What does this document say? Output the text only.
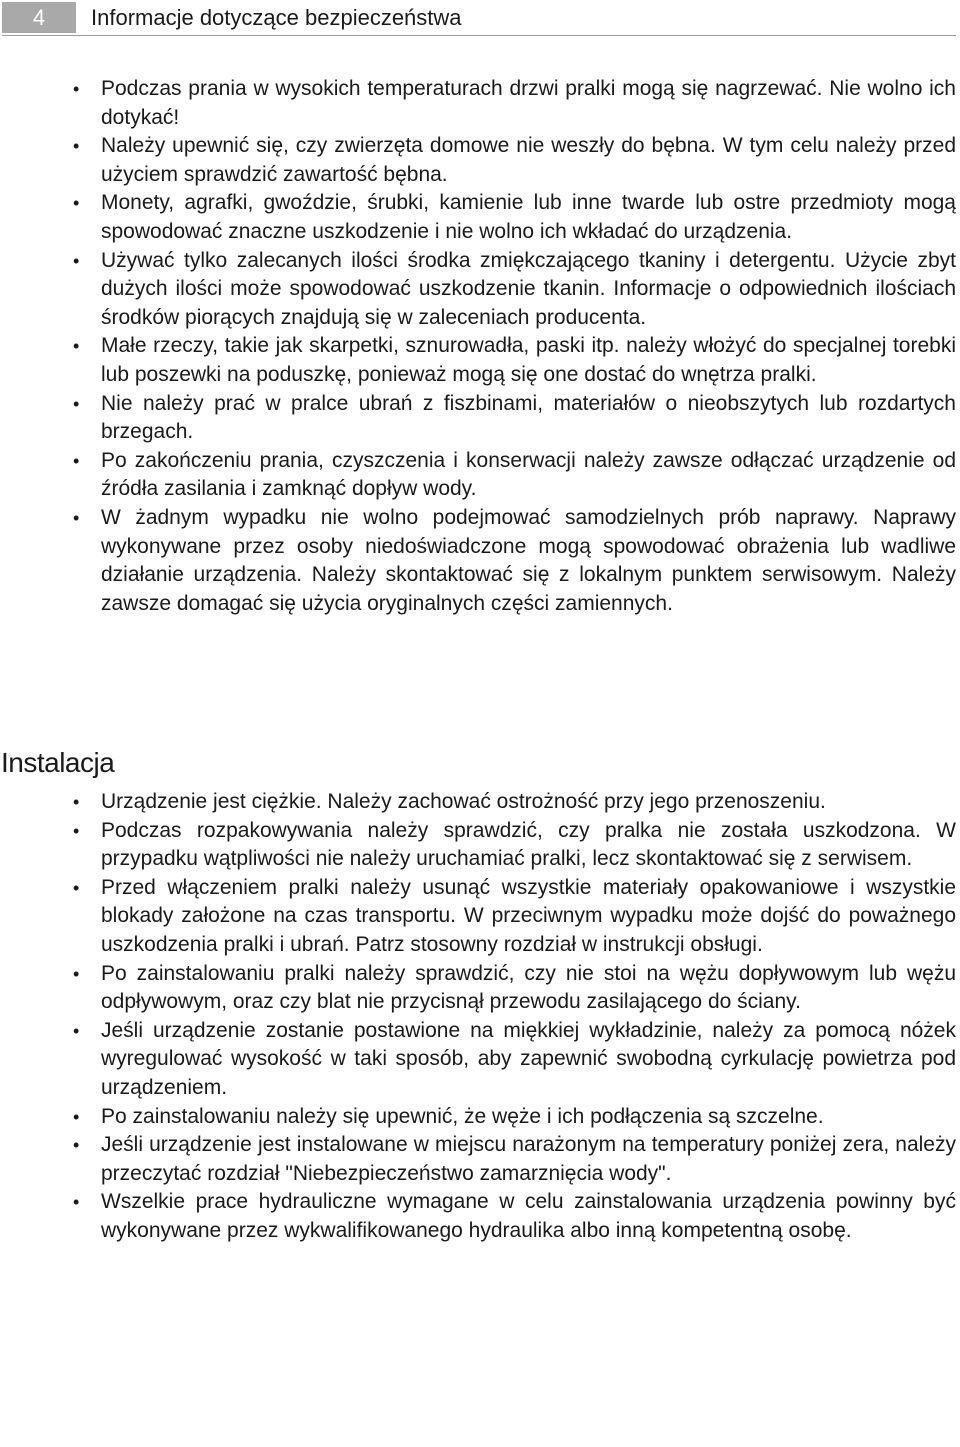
4	Informacje dotyczące bezpieczeństwa
• Podczas prania w wysokich temperaturach drzwi pralki mogą się nagrzewać. Nie wolno ich dotykać!
• Należy upewnić się, czy zwierzęta domowe nie weszły do bębna. W tym celu należy przed użyciem sprawdzić zawartość bębna.
• Monety, agrafki, gwoździe, śrubki, kamienie lub inne twarde lub ostre przedmioty mogą spowodować znaczne uszkodzenie i nie wolno ich wkładać do urządzenia.
• Używać tylko zalecanych ilości środka zmiękczającego tkaniny i detergentu. Użycie zbyt dużych ilości może spowodować uszkodzenie tkanin. Informacje o odpowiednich ilościach środków piorących znajdują się w zaleceniach producenta.
• Małe rzeczy, takie jak skarpetki, sznurowadła, paski itp. należy włożyć do specjalnej torebki lub poszewki na poduszkę, ponieważ mogą się one dostać do wnętrza pralki.
• Nie należy prać w pralce ubrań z fiszbinami, materiałów o nieobszytych lub rozdartych brzegach.
• Po zakończeniu prania, czyszczenia i konserwacji należy zawsze odłączać urządzenie od źródła zasilania i zamknąć dopływ wody.
• W żadnym wypadku nie wolno podejmować samodzielnych prób naprawy. Naprawy wykonywane przez osoby niedoświadczone mogą spowodować obrażenia lub wadliwe działanie urządzenia. Należy skontaktować się z lokalnym punktem serwisowym. Należy zawsze domagać się użycia oryginalnych części zamiennych.
Instalacja
• Urządzenie jest ciężkie. Należy zachować ostrożność przy jego przenoszeniu.
• Podczas rozpakowywania należy sprawdzić, czy pralka nie została uszkodzona. W przypadku wątpliwości nie należy uruchamiać pralki, lecz skontaktować się z serwisem.
• Przed włączeniem pralki należy usunąć wszystkie materiały opakowaniowe i wszystkie blokady założone na czas transportu. W przeciwnym wypadku może dojść do poważnego uszkodzenia pralki i ubrań. Patrz stosowny rozdział w instrukcji obsługi.
• Po zainstalowaniu pralki należy sprawdzić, czy nie stoi na wężu dopływowym lub wężu odpływowym, oraz czy blat nie przycisnął przewodu zasilającego do ściany.
• Jeśli urządzenie zostanie postawione na miękkiej wykładzinie, należy za pomocą nóżek wyregulować wysokość w taki sposób, aby zapewnić swobodną cyrkulację powietrza pod urządzeniem.
• Po zainstalowaniu należy się upewnić, że węże i ich podłączenia są szczelne.
• Jeśli urządzenie jest instalowane w miejscu narażonym na temperatury poniżej zera, należy przeczytać rozdział "Niebezpieczeństwo zamarznięcia wody".
• Wszelkie prace hydrauliczne wymagane w celu zainstalowania urządzenia powinny być wykonywane przez wykwalifikowanego hydraulika albo inną kompetentną osobę.
